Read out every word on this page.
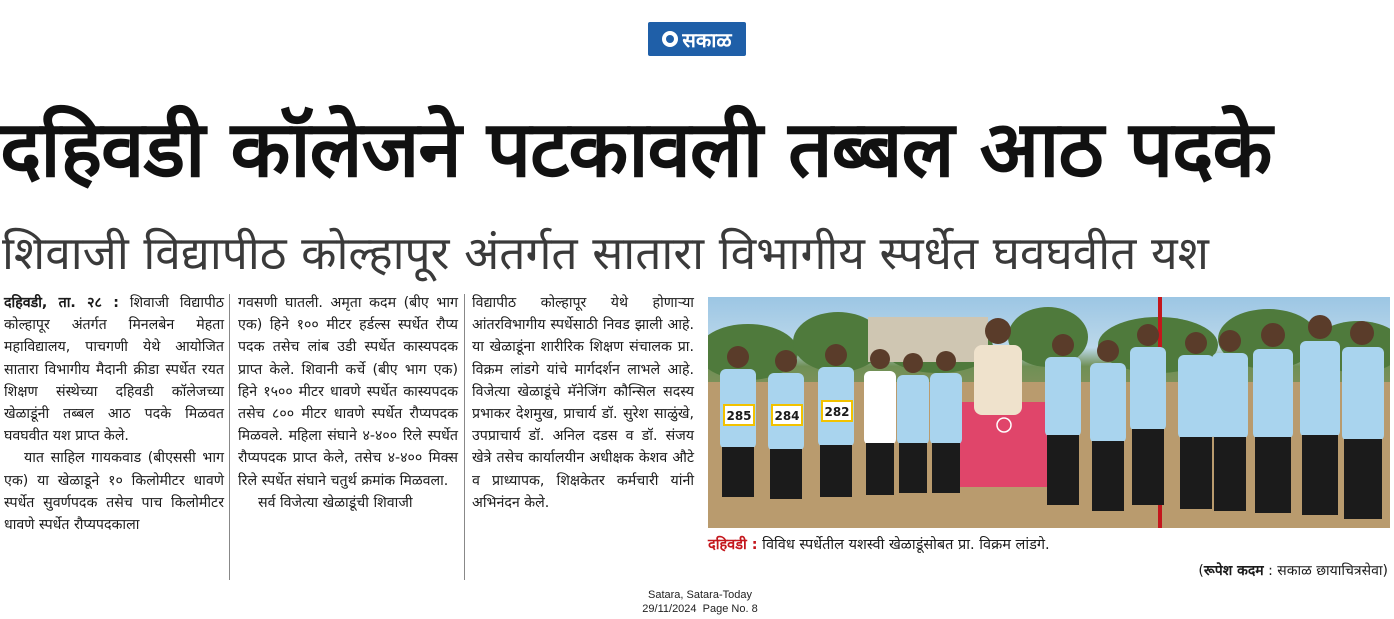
सकाळ
दहिवडी कॉलेजने पटकावली तब्बल आठ पदके
शिवाजी विद्यापीठ कोल्हापूर अंतर्गत सातारा विभागीय स्पर्धेत घवघवीत यश

दहिवडी, ता. २८ : शिवाजी विद्यापीठ कोल्हापूर अंतर्गत मिनलबेन मेहता महाविद्यालय, पाचगणी येथे आयोजित सातारा विभागीय मैदानी क्रीडा स्पर्धेत रयत शिक्षण संस्थेच्या दहिवडी कॉलेजच्या खेळाडूंनी तब्बल आठ पदके मिळवत घवघवीत यश प्राप्त केले.

यात साहिल गायकवाड (बीएससी भाग एक) या खेळाडूने १० किलोमीटर धावणे स्पर्धेत सुवर्णपदक तसेच पाच किलोमीटर धावणे स्पर्धेत रौप्यपदकाला

गवसणी घातली. अमृता कदम (बीए भाग एक) हिने १०० मीटर हर्डल्स स्पर्धेत रौप्य पदक तसेच लांब उडी स्पर्धेत कास्यपदक प्राप्त केले. शिवानी कर्चे (बीए भाग एक) हिने १५०० मीटर धावणे स्पर्धेत कास्यपदक तसेच ८०० मीटर धावणे स्पर्धेत रौप्यपदक मिळवले. महिला संघाने ४-४०० रिले स्पर्धेत रौप्यपदक प्राप्त केले, तसेच ४-४०० मिक्स रिले स्पर्धेत संघाने चतुर्थ क्रमांक मिळवला.

सर्व विजेत्या खेळाडूंची शिवाजी

विद्यापीठ कोल्हापूर येथे होणाऱ्या आंतरविभागीय स्पर्धेसाठी निवड झाली आहे. या खेळाडूंना शारीरिक शिक्षण संचालक प्रा. विक्रम लांडगे यांचे मार्गदर्शन लाभले आहे. विजेत्या खेळाडूंचे मॅनेजिंग कौन्सिल सदस्य प्रभाकर देशमुख, प्राचार्य डॉ. सुरेश साळुंखे, उपप्राचार्य डॉ. अनिल दडस व डॉ. संजय खेत्रे तसेच कार्यालयीन अधीक्षक केशव औटे व प्राध्यापक, शिक्षकेतर कर्मचारी यांनी अभिनंदन केले.

285 284 282
दहिवडी : विविध स्पर्धेतील यशस्वी खेळाडूंसोबत प्रा. विक्रम लांडगे.
(रूपेश कदम : सकाळ छायाचित्रसेवा)
Satara, Satara-Today
29/11/2024  Page No. 8
